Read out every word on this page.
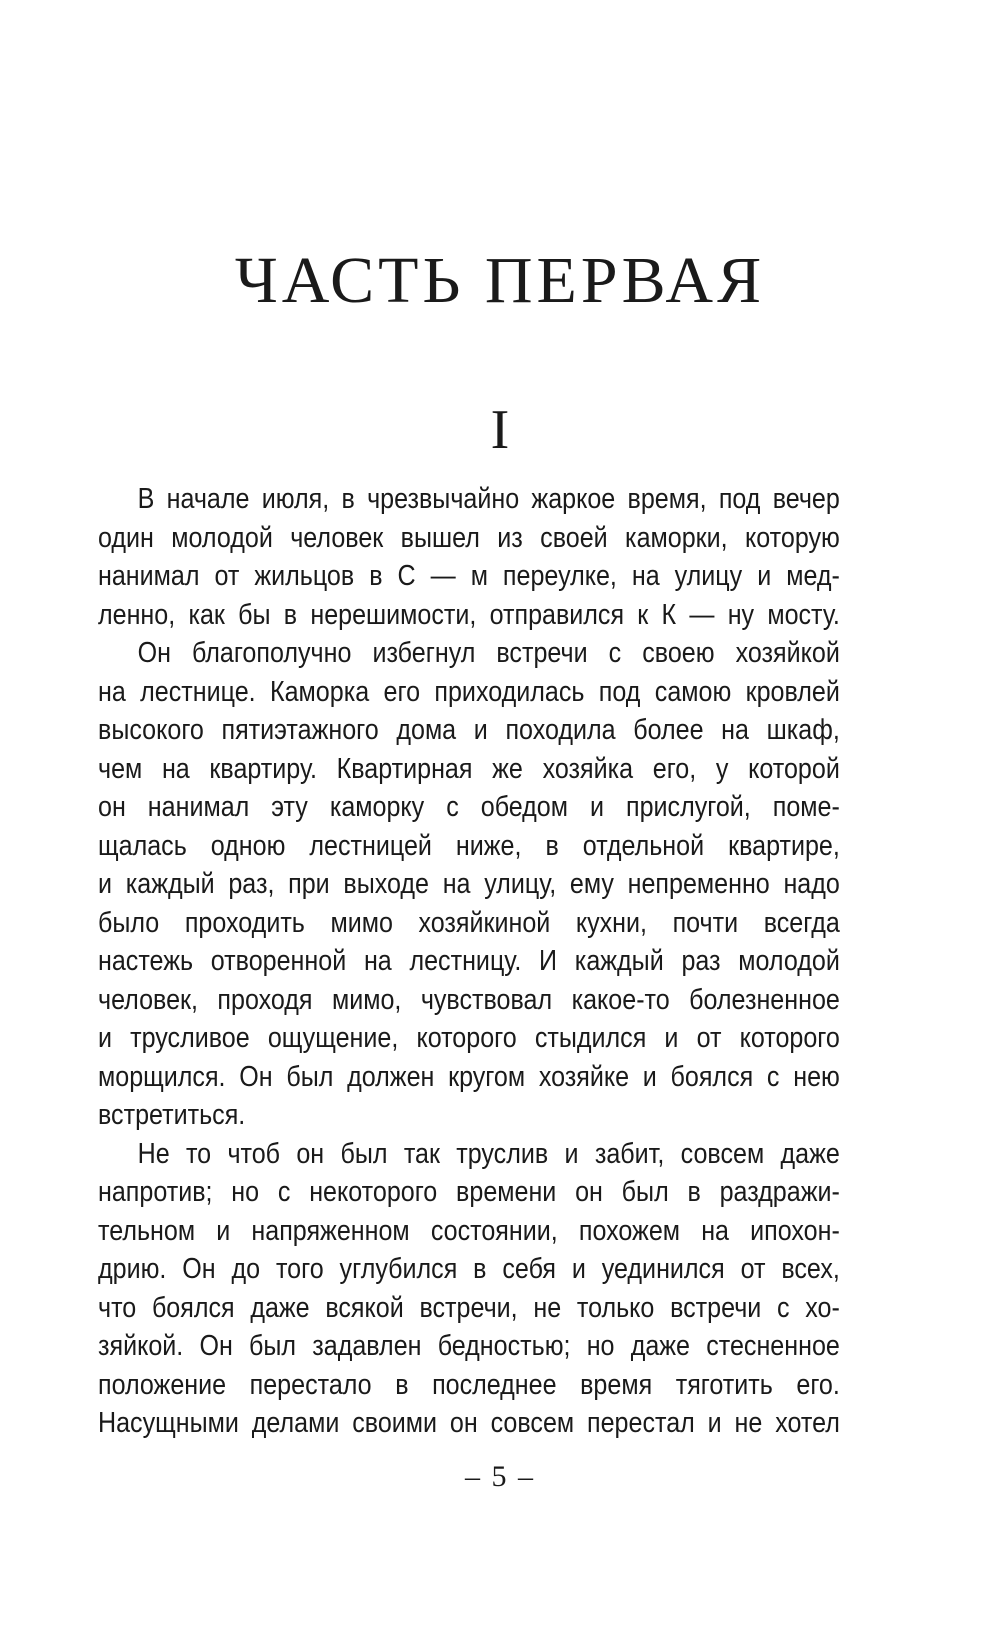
ЧАСТЬ ПЕРВАЯ
I
В начале июля, в чрезвычайно жаркое время, под вечер
один молодой человек вышел из своей каморки, которую
нанимал от жильцов в С — м переулке, на улицу и мед-
ленно, как бы в нерешимости, отправился к К — ну мосту.
Он благополучно избегнул встречи с своею хозяйкой
на лестнице. Каморка его приходилась под самою кровлей
высокого пятиэтажного дома и походила более на шкаф,
чем на квартиру. Квартирная же хозяйка его, у которой
он нанимал эту каморку с обедом и прислугой, поме-
щалась одною лестницей ниже, в отдельной квартире,
и каждый раз, при выходе на улицу, ему непременно надо
было проходить мимо хозяйкиной кухни, почти всегда
настежь отворенной на лестницу. И каждый раз молодой
человек, проходя мимо, чувствовал какое-то болезненное
и трусливое ощущение, которого стыдился и от которого
морщился. Он был должен кругом хозяйке и боялся с нею
встретиться.
Не то чтоб он был так труслив и забит, совсем даже
напротив; но с некоторого времени он был в раздражи-
тельном и напряженном состоянии, похожем на ипохон-
дрию. Он до того углубился в себя и уединился от всех,
что боялся даже всякой встречи, не только встречи с хо-
зяйкой. Он был задавлен бедностью; но даже стесненное
положение перестало в последнее время тяготить его.
Насущными делами своими он совсем перестал и не хотел
– 5 –
